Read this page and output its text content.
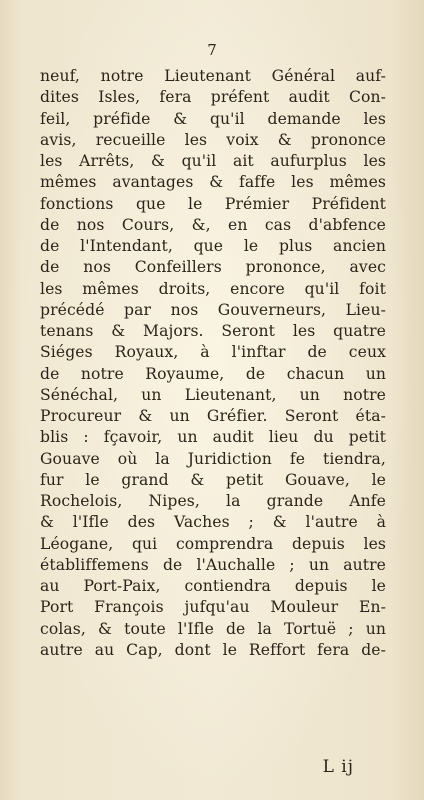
7
neuf, notre Lieutenant Général auf-
dites Isles, fera préfent audit Con-
feil, préfide & qu'il demande les
avis, recueille les voix & prononce
les Arrêts, & qu'il ait aufurplus les
mêmes avantages & faffe les mêmes
fonctions que le Prémier Préfident
de nos Cours, &, en cas d'abfence
de l'Intendant, que le plus ancien
de nos Confeillers prononce, avec
les mêmes droits, encore qu'il foit
précédé par nos Gouverneurs, Lieu-
tenans & Majors. Seront les quatre
Siéges Royaux, à l'inftar de ceux
de notre Royaume, de chacun un
Sénéchal, un Lieutenant, un notre
Procureur & un Gréfier. Seront éta-
blis : fçavoir, un audit lieu du petit
Gouave où la Juridiction fe tiendra,
fur le grand & petit Gouave, le
Rochelois, Nipes, la grande Anfe
& l'Ifle des Vaches ; & l'autre à
Léogane, qui comprendra depuis les
établiffemens de l'Auchalle ; un autre
au Port-Paix, contiendra depuis le
Port François jufqu'au Mouleur En-
colas, & toute l'Ifle de la Tortuë ; un
autre au Cap, dont le Reffort fera de-
L ij
